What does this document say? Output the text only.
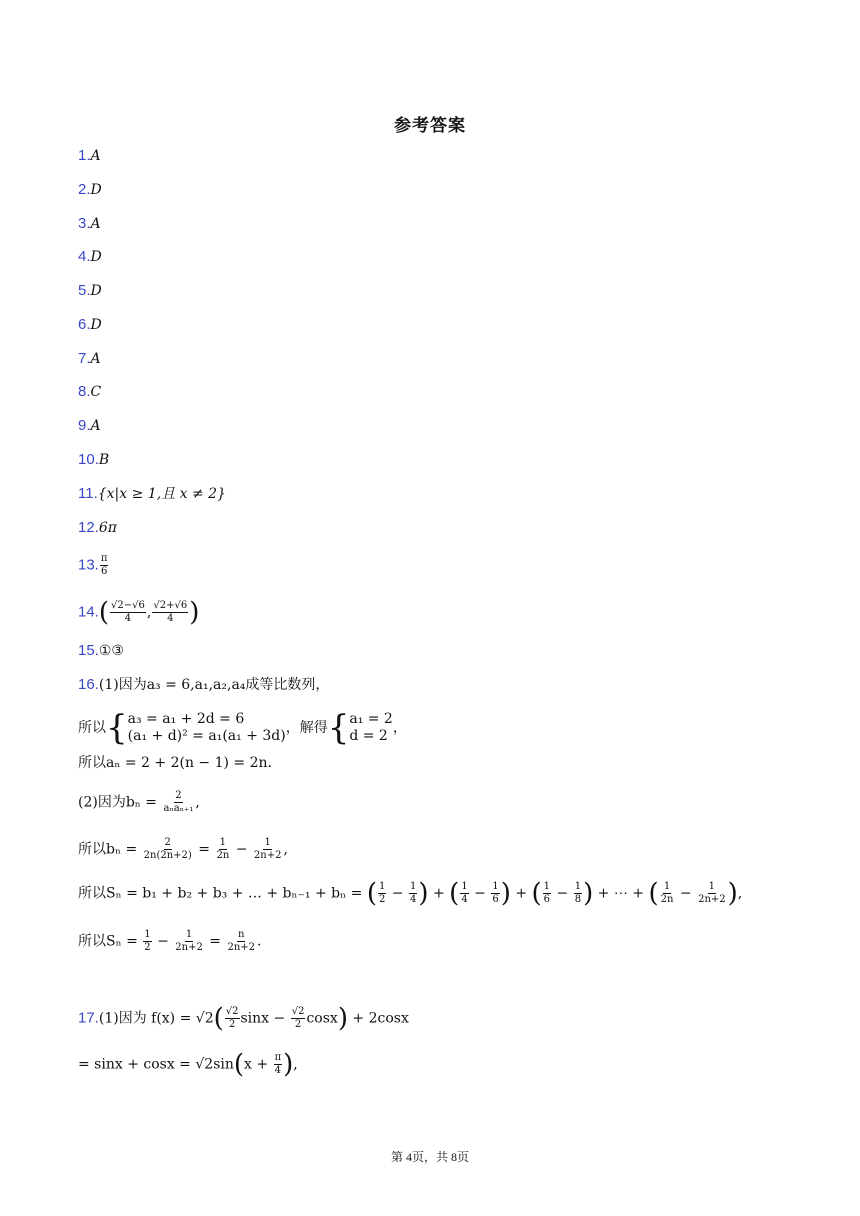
参考答案
1.A
2.D
3.A
4.D
5.D
6.D
7.A
8.C
9.A
10.B
11.{x|x ≥ 1,且 x ≠ 2}
12.6π
13. $\frac{\pi}{6}$
$14.( \frac{√2-√6}{4}$ , $\frac{√2+√6}{4}$ )
15.①③
16.(1)因为a₃ = 6,a₁,a₂,a₄成等比数列，
所以{ a₃ = a₁ + 2d = 6
(a₁ + d)² = a₁(a₁ + 3d) ，解得{ a₁ = 2
d = 2 ，
所以aₙ = 2 + 2(n − 1) = 2n.
(2)因为$b_n = \frac{2}{\text{aₙaₙ₊₁}}$ ,
所以$b_n = \frac{2}{2n(2n+2)} = \frac{1}{2n} - \frac{1}{2n+2}$ ,
所以Sₙ = b₁ + b₂ + b₃ + … + bₙ₋₁ + bₙ = ( $\frac{1}{2} - \frac{1}{4}$ ) + ( $\frac{1}{4} - \frac{1}{6}$ ) + ( $\frac{1}{6} - \frac{1}{8}$ ) + ⋯ + ( $\frac{1}{2n} - \frac{1}{2n+2}$ ),
所以$S_n = \frac{1}{2} - \frac{1}{2n+2} = \frac{n}{2n+2}$ .
17.(1)因为 $f(x) = √2( \frac{√2}{2}$ $\sin x - \frac{√2}{2} \cos x) + 2\cos x$
= $\sin x + \cos x = √2\sin(x + \frac{\pi}{4}$ ),
第 4页，共 8页
